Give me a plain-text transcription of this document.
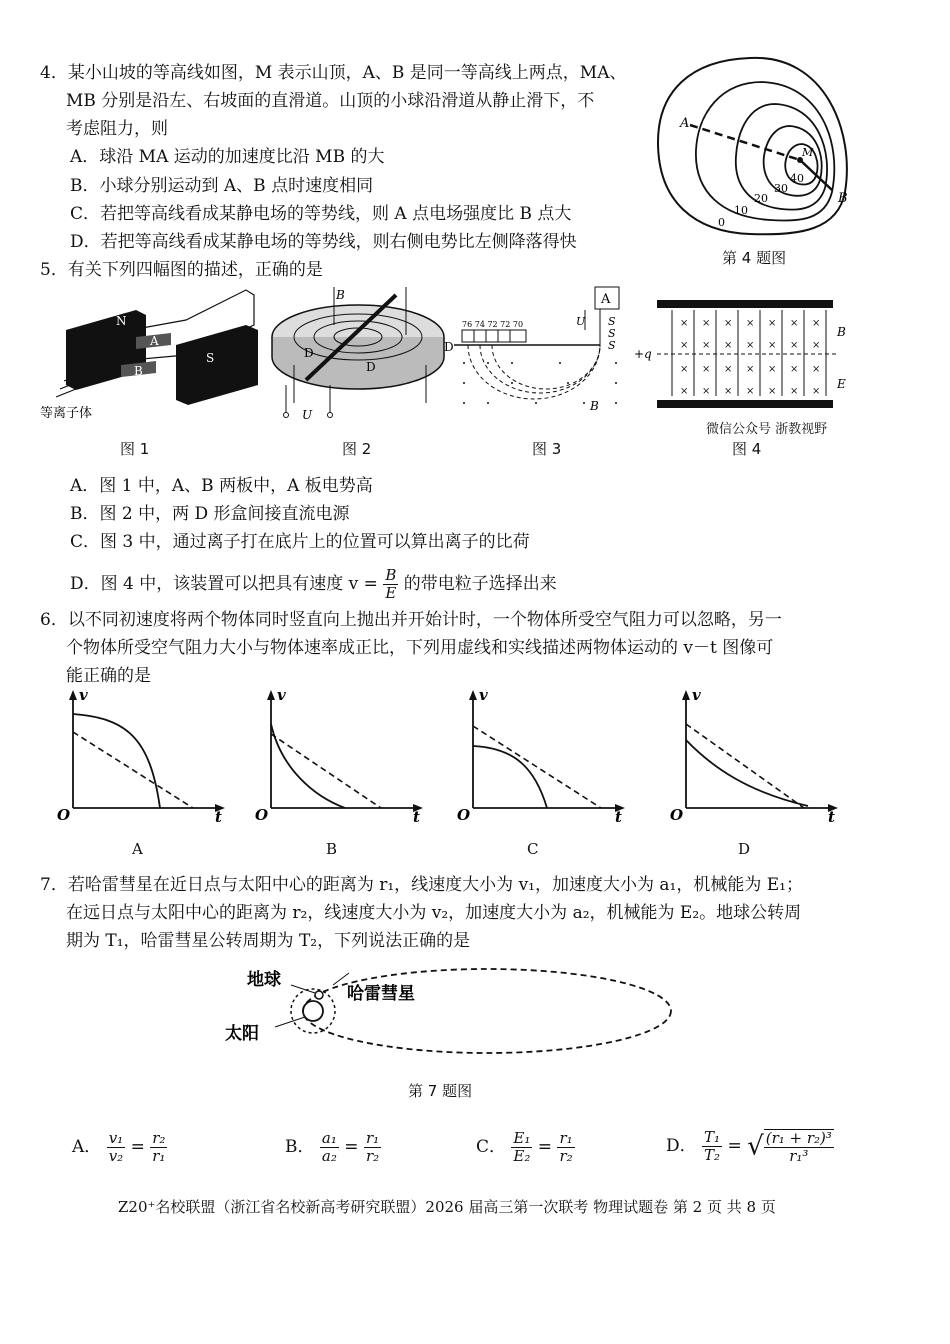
4．某小山坡的等高线如图，M 表示山顶，A、B 是同一等高线上两点，MA、
MB 分别是沿左、右坡面的直滑道。山顶的小球沿滑道从静止滑下，不
考虑阻力，则
A．球沿 MA 运动的加速度比沿 MB 的大
B．小球分别运动到 A、B 点时速度相同
C．若把等高线看成某静电场的等势线，则 A 点电场强度比 B 点大
D．若把等高线看成某静电场的等势线，则右侧电势比左侧降落得快
A
B
M
0
10
20
30
40
第 4 题图
5．有关下列四幅图的描述，正确的是
N
S
A
B
等离子体
B
D
D
U
A
U S
S
S
76 74 72 72 70
D
B
+q
B
E
× × × × × × ×
× × × × × × ×
× × × × × × ×
× × × × × × ×
微信公众号 浙教视野
图 1	图 2	图 3	图 4
A．图 1 中，A、B 两板中，A 板电势高
B．图 2 中，两 D 形盒间接直流电源
C．图 3 中，通过离子打在底片上的位置可以算出离子的比荷
D．图 4 中，该装置可以把具有速度 $v = \frac{B}{E}$ 的带电粒子选择出来
6．以不同初速度将两个物体同时竖直向上抛出并开始计时，一个物体所受空气阻力可以忽略，另一
个物体所受空气阻力大小与物体速率成正比，下列用虚线和实线描述两物体运动的 v－t 图像可
能正确的是
v
t
O
v
t
O
v
t
O
v
t
O
A	B	C	D
7．若哈雷彗星在近日点与太阳中心的距离为 r₁，线速度大小为 v₁，加速度大小为 a₁，机械能为 E₁；
在远日点与太阳中心的距离为 r₂，线速度大小为 v₂，加速度大小为 a₂，机械能为 E₂。地球公转周
期为 T₁，哈雷彗星公转周期为 T₂，下列说法正确的是
地球
哈雷彗星
太阳
第 7 题图
A． $\frac{\text{v₁}}{\text{v₂}} = \frac{\text{r₂}}{\text{r₁}}$	B． $\frac{\text{a₁}}{\text{a₂}} = \frac{\text{r₁}}{\text{r₂}}$	C． $\frac{\text{E₁}}{\text{E₂}} = \frac{\text{r₁}}{\text{r₂}}$	D． $\frac{\text{T₁}}{\text{T₂}}$ = √ $\frac{\text{(r₁ + r₂)³}}{\text{r₁³}}$
Z20⁺名校联盟（浙江省名校新高考研究联盟）2026 届高三第一次联考 物理试题卷 第 2 页 共 8 页
